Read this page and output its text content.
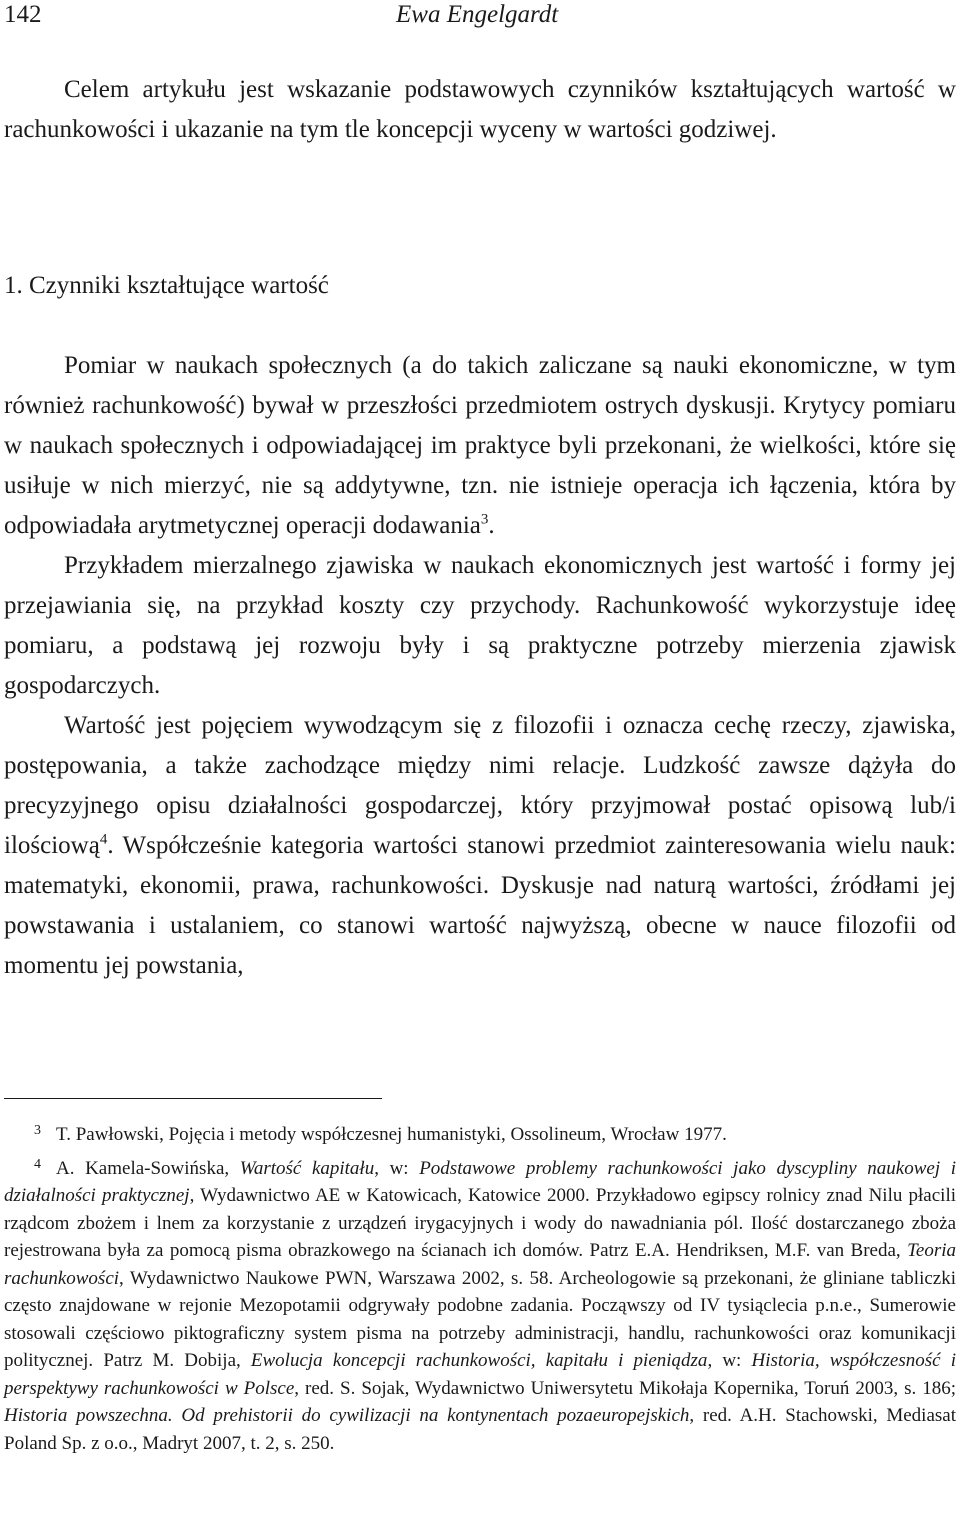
142	Ewa Engelgardt

Celem artykułu jest wskazanie podstawowych czynników kształtujących wartość w rachunkowości i ukazanie na tym tle koncepcji wyceny w wartości godziwej.

1. Czynniki kształtujące wartość

Pomiar w naukach społecznych (a do takich zaliczane są nauki ekonomiczne, w tym również rachunkowość) bywał w przeszłości przedmiotem ostrych dyskusji. Krytycy pomiaru w naukach społecznych i odpowiadającej im praktyce byli przekonani, że wielkości, które się usiłuje w nich mierzyć, nie są addytywne, tzn. nie istnieje operacja ich łączenia, która by odpowiadała arytmetycznej operacji dodawania$^3$.

Przykładem mierzalnego zjawiska w naukach ekonomicznych jest wartość i formy jej przejawiania się, na przykład koszty czy przychody. Rachunkowość wykorzystuje ideę pomiaru, a podstawą jej rozwoju były i są praktyczne potrzeby mierzenia zjawisk gospodarczych.

Wartość jest pojęciem wywodzącym się z filozofii i oznacza cechę rzeczy, zjawiska, postępowania, a także zachodzące między nimi relacje. Ludzkość zawsze dążyła do precyzyjnego opisu działalności gospodarczej, który przyjmował postać opisową lub/i ilościową$^4$. Współcześnie kategoria wartości stanowi przedmiot zainteresowania wielu nauk: matematyki, ekonomii, prawa, rachunkowości. Dyskusje nad naturą wartości, źródłami jej powstawania i ustalaniem, co stanowi wartość najwyższą, obecne w nauce filozofii od momentu jej powstania,

3 T. Pawłowski, Pojęcia i metody współczesnej humanistyki, Ossolineum, Wrocław 1977.

4 A. Kamela-Sowińska, Wartość kapitału, w: Podstawowe problemy rachunkowości jako dyscypliny naukowej i działalności praktycznej, Wydawnictwo AE w Katowicach, Katowice 2000. Przykładowo egipscy rolnicy znad Nilu płacili rządcom zbożem i lnem za korzystanie z urządzeń irygacyjnych i wody do nawadniania pól. Ilość dostarczanego zboża rejestrowana była za pomocą pisma obrazkowego na ścianach ich domów. Patrz E.A. Hendriksen, M.F. van Breda, Teoria rachunkowości, Wydawnictwo Naukowe PWN, Warszawa 2002, s. 58. Archeologowie są przekonani, że gliniane tabliczki często znajdowane w rejonie Mezopotamii odgrywały podobne zadania. Począwszy od IV tysiąclecia p.n.e., Sumerowie stosowali częściowo piktograficzny system pisma na potrzeby administracji, handlu, rachunkowości oraz komunikacji politycznej. Patrz M. Dobija, Ewolucja koncepcji rachunkowości, kapitału i pieniądza, w: Historia, współczesność i perspektywy rachunkowości w Polsce, red. S. Sojak, Wydawnictwo Uniwersytetu Mikołaja Kopernika, Toruń 2003, s. 186; Historia powszechna. Od prehistorii do cywilizacji na kontynentach pozaeuropejskich, red. A.H. Stachowski, Mediasat Poland Sp. z o.o., Madryt 2007, t. 2, s. 250.
